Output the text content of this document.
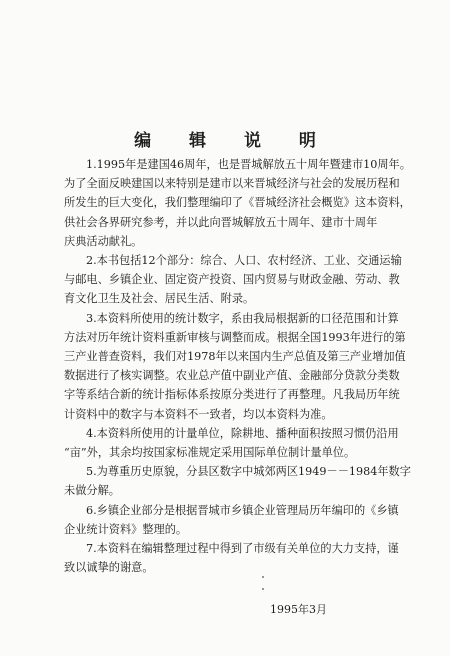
编 辑 说 明
1.1995年是建国46周年，也是晋城解放五十周年暨建市10周年。
为了全面反映建国以来特别是建市以来晋城经济与社会的发展历程和
所发生的巨大变化，我们整理编印了《晋城经济社会概览》这本资料，
供社会各界研究参考，并以此向晋城解放五十周年、建市十周年
庆典活动献礼。
2.本书包括12个部分：综合、人口、农村经济、工业、交通运输
与邮电、乡镇企业、固定资产投资、国内贸易与财政金融、劳动、教
育文化卫生及社会、居民生活、附录。
3.本资料所使用的统计数字，系由我局根据新的口径范围和计算
方法对历年统计资料重新审核与调整而成。根据全国1993年进行的第
三产业普查资料，我们对1978年以来国内生产总值及第三产业增加值
数据进行了核实调整。农业总产值中副业产值、金融部分贷款分类数
字等系结合新的统计指标体系按原分类进行了再整理。凡我局历年统
计资料中的数字与本资料不一致者，均以本资料为准。
4.本资料所使用的计量单位，除耕地、播种面积按照习惯仍沿用
“亩”外，其余均按国家标准规定采用国际单位制计量单位。
5.为尊重历史原貌，分县区数字中城郊两区1949－－1984年数字
未做分解。
6.乡镇企业部分是根据晋城市乡镇企业管理局历年编印的《乡镇
企业统计资料》整理的。
7.本资料在编辑整理过程中得到了市级有关单位的大力支持，谨
致以诚挚的谢意。
1995年3月
